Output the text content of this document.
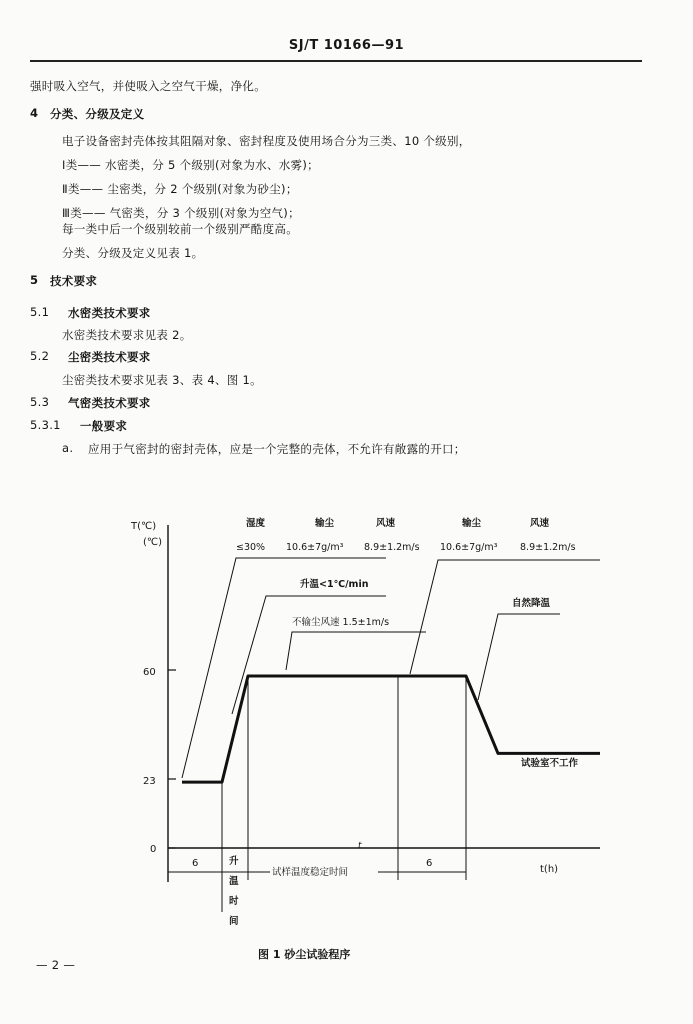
SJ/T 10166—91
强时吸入空气，并使吸入之空气干燥，净化。
4 分类、分级及定义
电子设备密封壳体按其阻隔对象、密封程度及使用场合分为三类、10 个级别，
Ⅰ类—— 水密类，分 5 个级别(对象为水、水雾)；
Ⅱ类—— 尘密类，分 2 个级别(对象为砂尘)；
Ⅲ类—— 气密类，分 3 个级别(对象为空气)；
每一类中后一个级别较前一个级别严酷度高。
分类、分级及定义见表 1。
5 技术要求
5.1 水密类技术要求
水密类技术要求见表 2。
5.2 尘密类技术要求
尘密类技术要求见表 3、表 4、图 1。
5.3 气密类技术要求
5.3.1 一般要求
a. 应用于气密封的密封壳体，应是一个完整的壳体，不允许有敞露的开口；
T(℃)
(℃)
60
23
0
湿度
≤30%
输尘
10.6±7g/m³
风速
8.9±1.2m/s
输尘
10.6±7g/m³
风速
8.9±1.2m/s
升温<1℃/min
不输尘风速 1.5±1m/s
自然降温
试验室不工作
6	升
温
时
间
试样温度稳定时间
6
t
t(h)
图 1 砂尘试验程序
— 2 —
